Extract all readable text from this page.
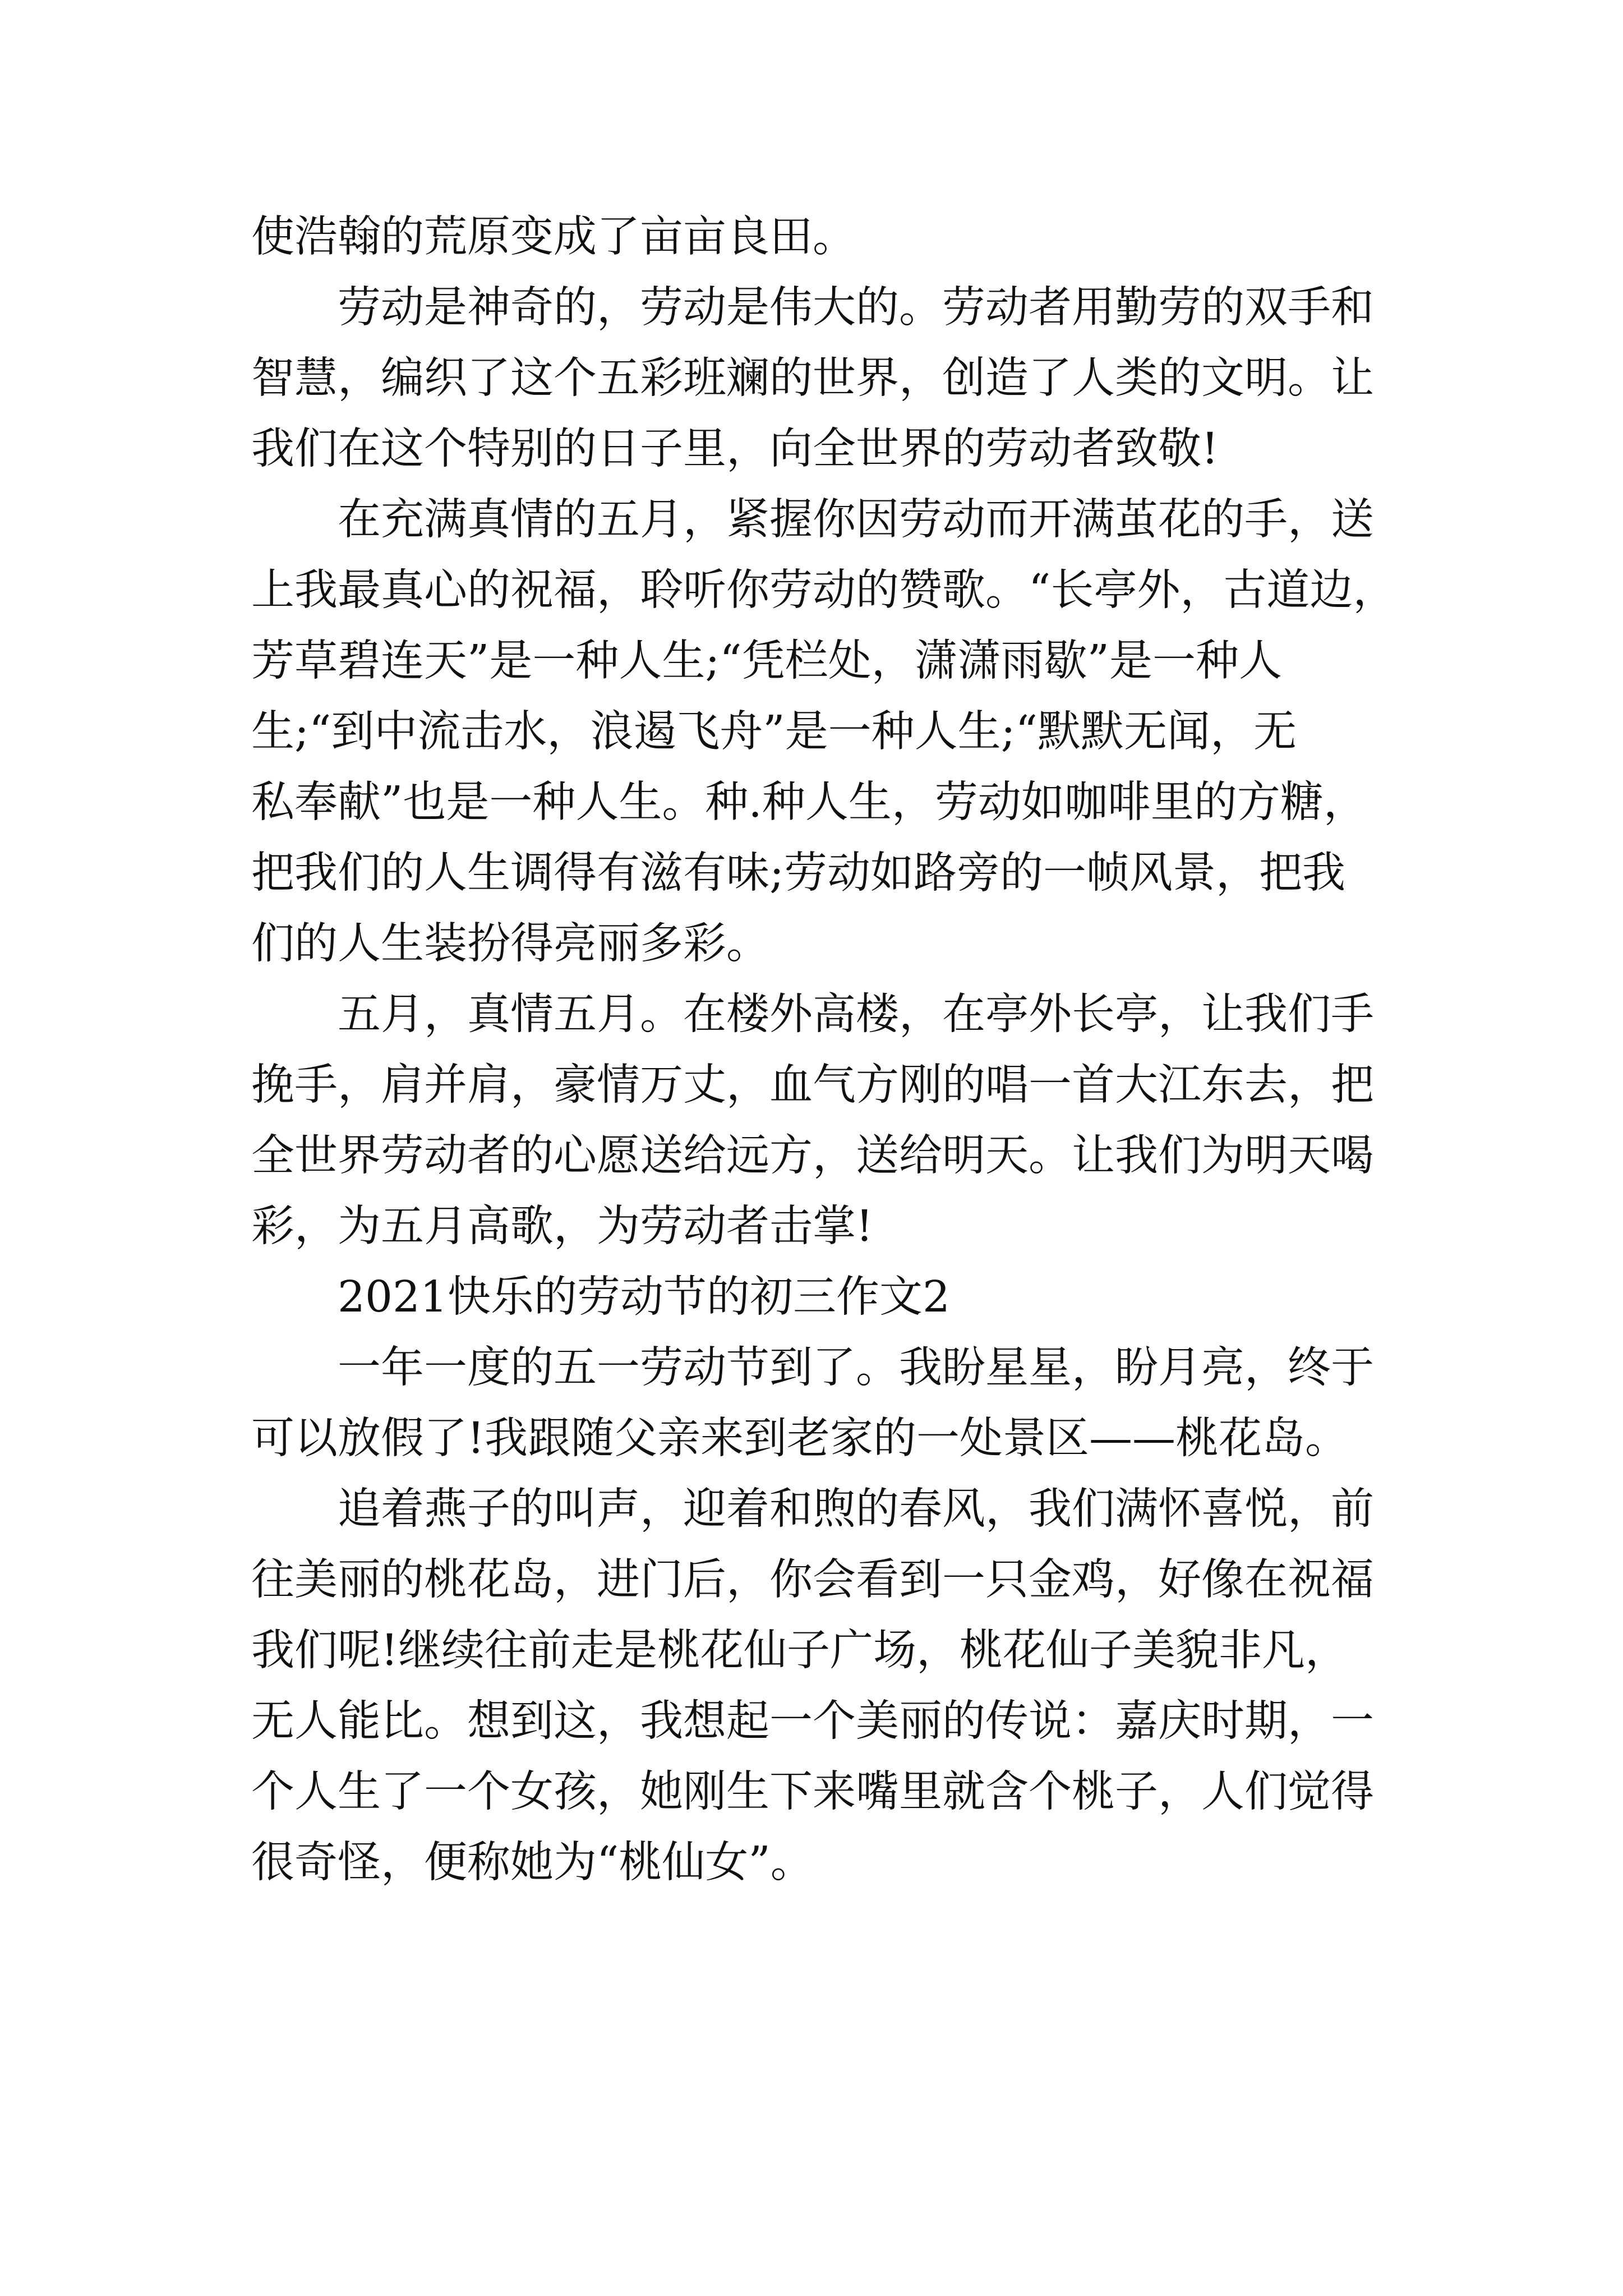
使浩翰的荒原变成了亩亩良田。
劳动是神奇的，劳动是伟大的。劳动者用勤劳的双手和
智慧，编织了这个五彩班斓的世界，创造了人类的文明。让
我们在这个特别的日子里，向全世界的劳动者致敬!
在充满真情的五月，紧握你因劳动而开满茧花的手，送
上我最真心的祝福，聆听你劳动的赞歌。“长亭外，古道边，
芳草碧连天”是一种人生;“凭栏处，潇潇雨歇”是一种人
生;“到中流击水，浪遏飞舟”是一种人生;“默默无闻，无
私奉献”也是一种人生。种.种人生，劳动如咖啡里的方糖，
把我们的人生调得有滋有味;劳动如路旁的一帧风景，把我
们的人生装扮得亮丽多彩。
五月，真情五月。在楼外高楼，在亭外长亭，让我们手
挽手，肩并肩，豪情万丈，血气方刚的唱一首大江东去，把
全世界劳动者的心愿送给远方，送给明天。让我们为明天喝
彩，为五月高歌，为劳动者击掌!
2021快乐的劳动节的初三作文2
一年一度的五一劳动节到了。我盼星星，盼月亮，终于
可以放假了!我跟随父亲来到老家的一处景区——桃花岛。
追着燕子的叫声，迎着和煦的春风，我们满怀喜悦，前
往美丽的桃花岛，进门后，你会看到一只金鸡，好像在祝福
我们呢!继续往前走是桃花仙子广场，桃花仙子美貌非凡，
无人能比。想到这，我想起一个美丽的传说：嘉庆时期，一
个人生了一个女孩，她刚生下来嘴里就含个桃子，人们觉得
很奇怪，便称她为“桃仙女”。
